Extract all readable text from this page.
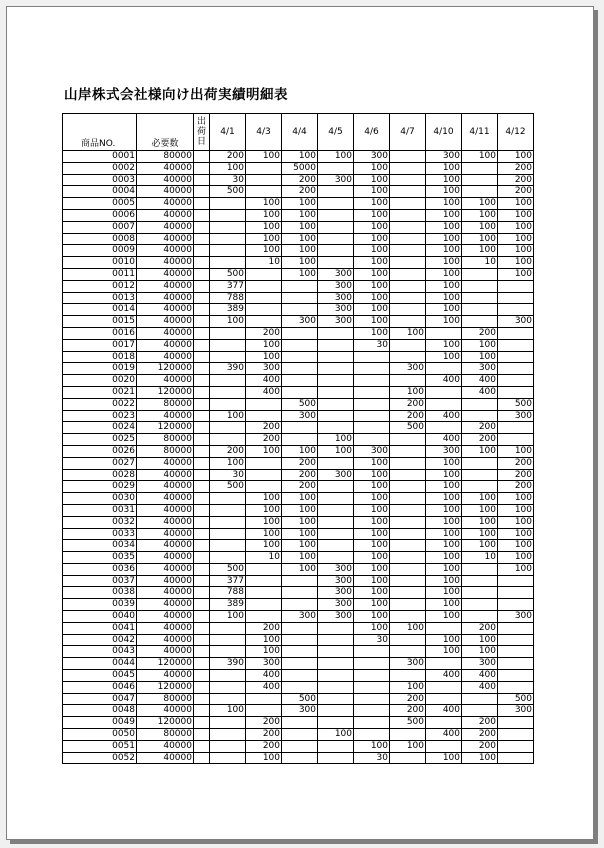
山岸株式会社様向け出荷実績明細表
商品NO.	必要数	出
荷
日	4/1	4/3	4/4	4/5	4/6	4/7	4/10	4/11	4/12
0001	80000		200	100	100	100	300		300	100	100
0002	40000		100		5000		100		100		200
0003	40000		30		200	300	100		100		200
0004	40000		500		200		100		100		200
0005	40000			100	100		100		100	100	100
0006	40000			100	100		100		100	100	100
0007	40000			100	100		100		100	100	100
0008	40000			100	100		100		100	100	100
0009	40000			100	100		100		100	100	100
0010	40000			10	100		100		100	10	100
0011	40000		500		100	300	100		100		100
0012	40000		377			300	100		100		
0013	40000		788			300	100		100		
0014	40000		389			300	100		100		
0015	40000		100		300	300	100		100		300
0016	40000			200			100	100		200	
0017	40000			100			30		100	100	
0018	40000			100					100	100	
0019	120000		390	300				300		300	
0020	40000			400					400	400	
0021	120000			400				100		400	
0022	80000				500			200			500
0023	40000		100		300			200	400		300
0024	120000			200				500		200	
0025	80000			200		100			400	200	
0026	80000		200	100	100	100	300		300	100	100
0027	40000		100		200		100		100		200
0028	40000		30		200	300	100		100		200
0029	40000		500		200		100		100		200
0030	40000			100	100		100		100	100	100
0031	40000			100	100		100		100	100	100
0032	40000			100	100		100		100	100	100
0033	40000			100	100		100		100	100	100
0034	40000			100	100		100		100	100	100
0035	40000			10	100		100		100	10	100
0036	40000		500		100	300	100		100		100
0037	40000		377			300	100		100		
0038	40000		788			300	100		100		
0039	40000		389			300	100		100		
0040	40000		100		300	300	100		100		300
0041	40000			200			100	100		200	
0042	40000			100			30		100	100	
0043	40000			100					100	100	
0044	120000		390	300				300		300	
0045	40000			400					400	400	
0046	120000			400				100		400	
0047	80000				500			200			500
0048	40000		100		300			200	400		300
0049	120000			200				500		200	
0050	80000			200		100			400	200	
0051	40000			200			100	100		200	
0052	40000			100			30		100	100	
